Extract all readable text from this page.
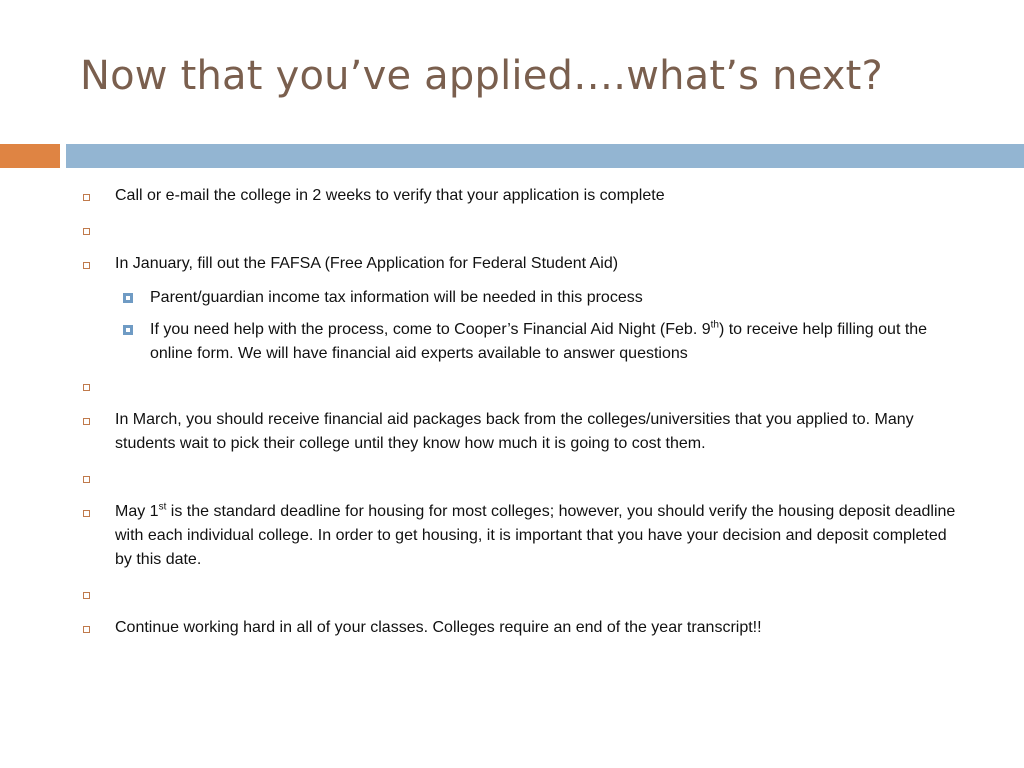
Now that you’ve applied….what’s next?
Call or e-mail the college in 2 weeks to verify that your application is complete
In January, fill out the FAFSA (Free Application for Federal Student Aid)
Parent/guardian income tax information will be needed in this process
If you need help with the process, come to Cooper’s Financial Aid Night (Feb. 9th) to receive help filling out the online form. We will have financial aid experts available to answer questions
In March, you should receive financial aid packages back from the colleges/universities that you applied to. Many students wait to pick their college until they know how much it is going to cost them.
May 1st is the standard deadline for housing for most colleges; however, you should verify the housing deposit deadline with each individual college. In order to get housing, it is important that you have your decision and deposit completed by this date.
Continue working hard in all of your classes. Colleges require an end of the year transcript!!
